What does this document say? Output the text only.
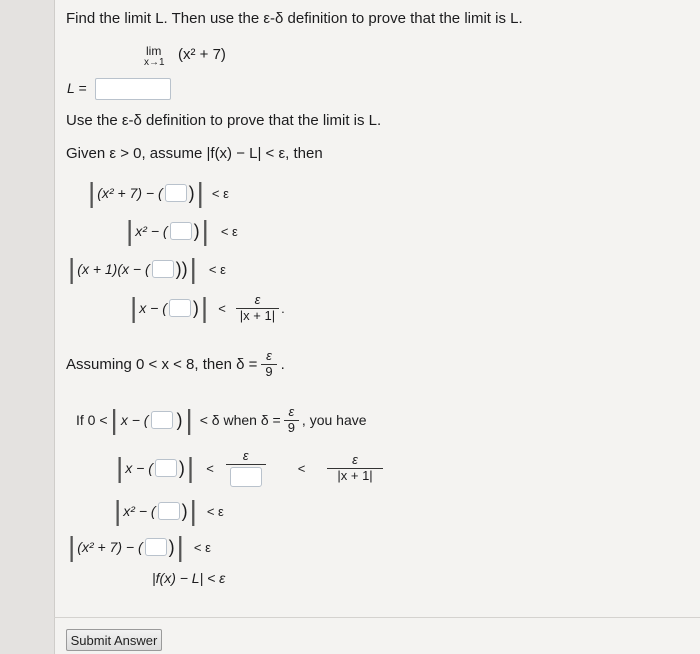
Find the limit L. Then use the ε-δ definition to prove that the limit is L.
lim
x→1 (x² + 7)
L =
Use the ε-δ definition to prove that the limit is L.
Given ε > 0, assume |f(x) − L| < ε, then
| (x² + 7) − ( ) | < ε
| x² − ( ) | < ε
| (x + 1)(x − ( )) | < ε
| x − ( ) | < $\frac{\varepsilon}{|x + 1|}$ .
Assuming 0 < x < 8, then $\delta = \frac{\varepsilon}{9}$ .
If 0 < | x − ( ) | < δ when $\delta = \frac{\varepsilon}{9}$ , you have
| x − ( ) | <
ε
< $\frac{\varepsilon}{|x + 1|}$
| x² − ( ) | < ε
| (x² + 7) − ( ) | < ε
|f(x) − L| < ε
Submit Answer
